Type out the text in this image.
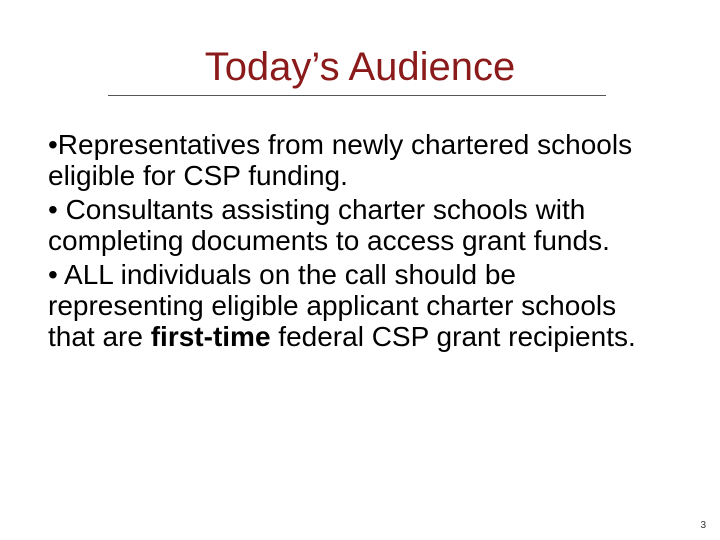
Today’s Audience

•Representatives from newly chartered schools eligible for CSP funding.

• Consultants assisting charter schools with completing documents to access grant funds.

• ALL individuals on the call should be representing eligible applicant charter schools that are first-time federal CSP grant recipients.

3
